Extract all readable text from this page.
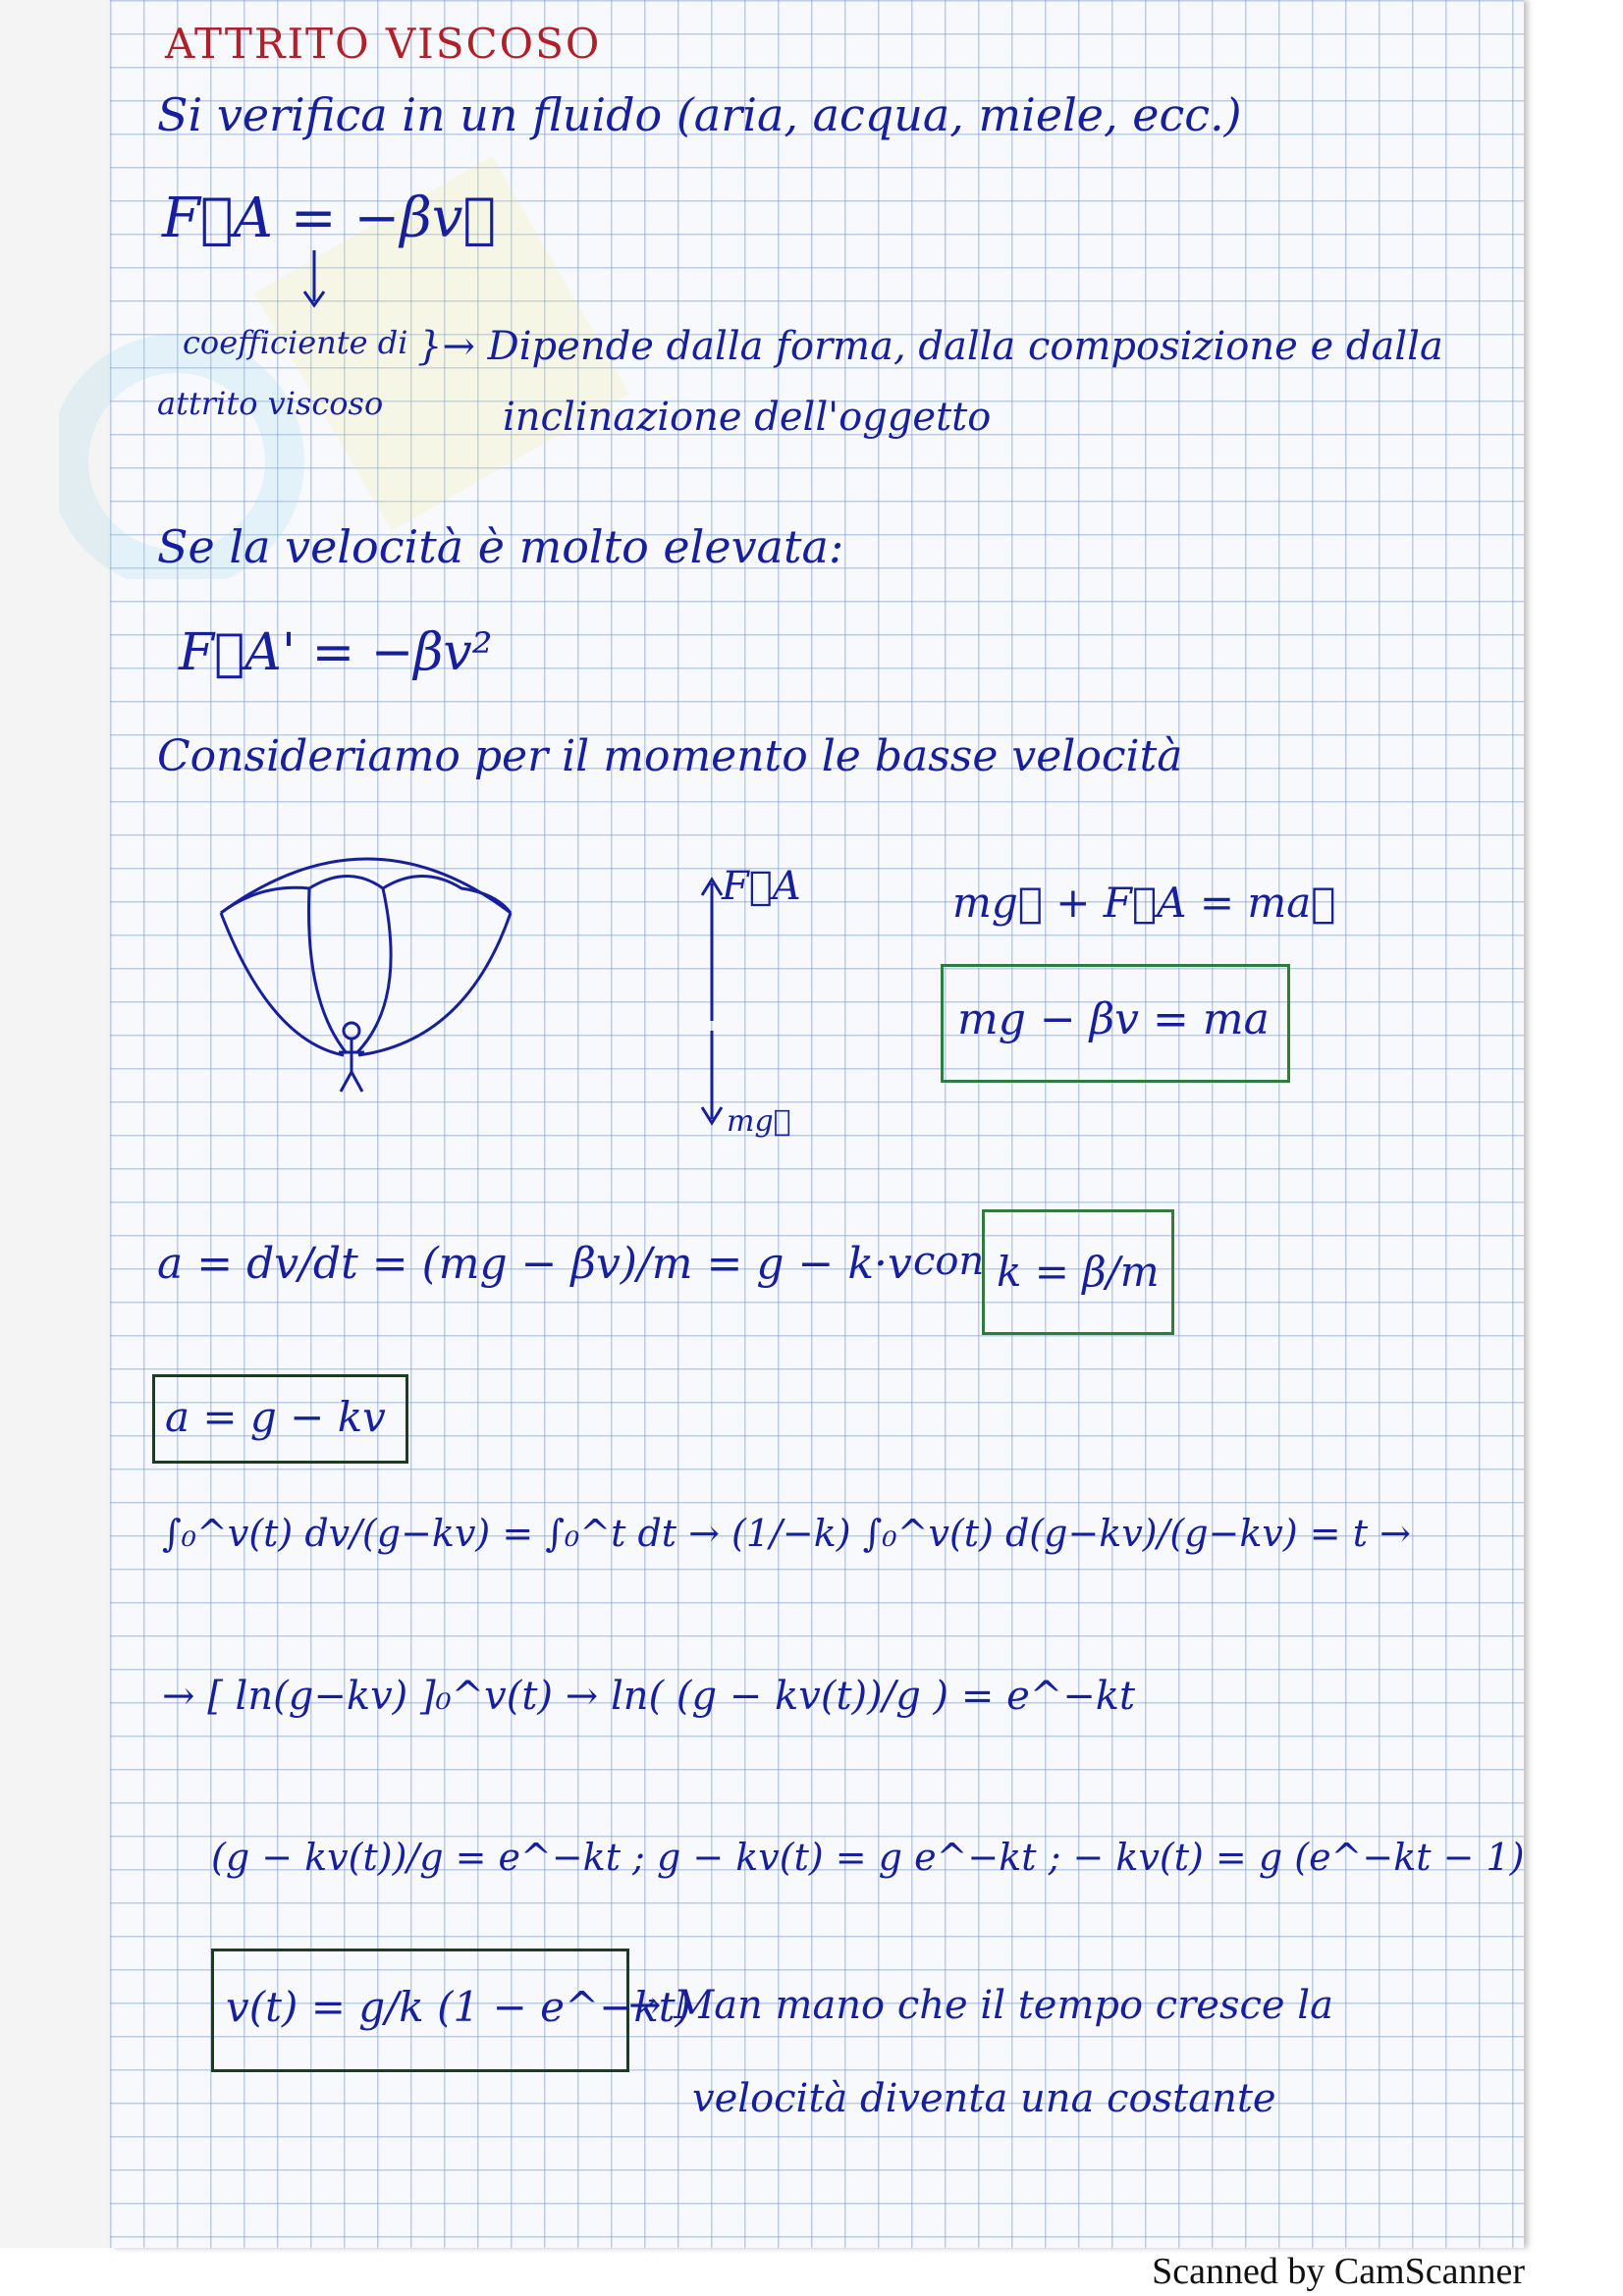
ATTRITO VISCOSO
Si verifica in un fluido (aria, acqua, miele, ecc.)
F⃗A = −βv⃗
coefficiente di
attrito viscoso
}→ Dipende dalla forma, dalla composizione e dalla
inclinazione dell'oggetto
Se la velocità è molto elevata:
F⃗A' = −βv²
Consideriamo per il momento le basse velocità
F⃗A
mg⃗
mg⃗ + F⃗A = ma⃗
mg − βv = ma
a = dv/dt = (mg − βv)/m = g − k·v con k = β/m
a = g − kv
∫₀^v(t) dv/(g−kv) = ∫₀^t dt → (1/−k) ∫₀^v(t) d(g−kv)/(g−kv) = t →
→ [ ln(g−kv) ]₀^v(t) → ln( (g − kv(t))/g ) = e^−kt
(g − kv(t))/g = e^−kt ; g − kv(t) = g e^−kt ; − kv(t) = g (e^−kt − 1)
v(t) = g/k (1 − e^−kt)
→ Man mano che il tempo cresce la
velocità diventa una costante
Scanned by CamScanner
